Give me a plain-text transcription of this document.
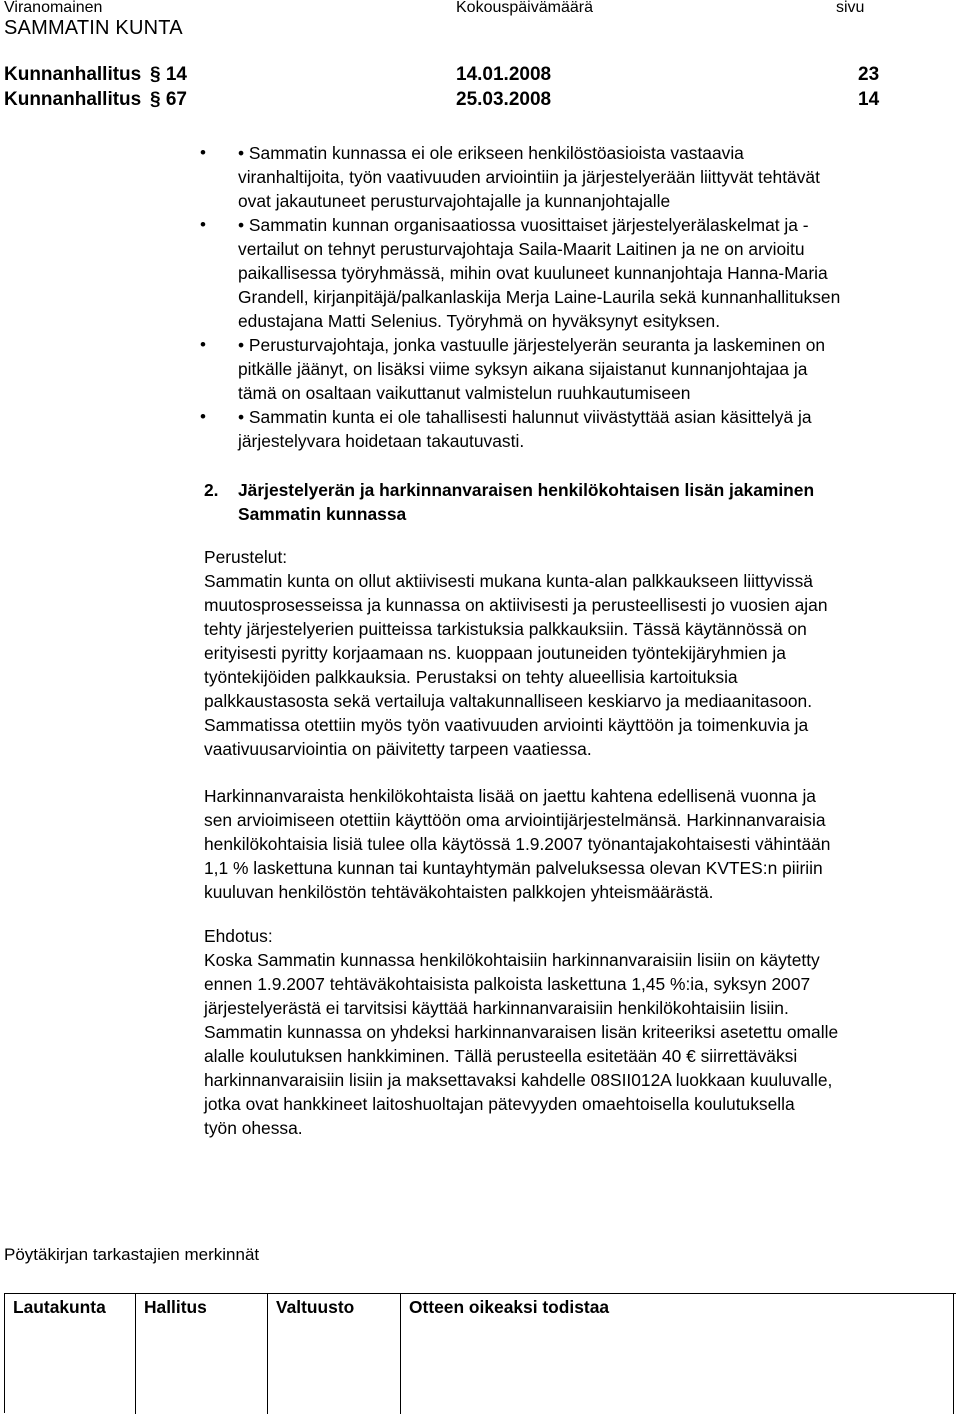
Viranomainen	Kokouspäivämäärä	sivu
SAMMATIN KUNTA
Kunnanhallitus § 14	14.01.2008	23
Kunnanhallitus § 67	25.03.2008	14
• • Sammatin kunnassa ei ole erikseen henkilöstöasioista vastaavia
viranhaltijoita, työn vaativuuden arviointiin ja järjestelyerään liittyvät tehtävät
ovat jakautuneet perusturvajohtajalle ja kunnanjohtajalle
• • Sammatin kunnan organisaatiossa vuosittaiset järjestelyerälaskelmat ja -
vertailut on tehnyt perusturvajohtaja Saila-Maarit Laitinen ja ne on arvioitu
paikallisessa työryhmässä, mihin ovat kuuluneet kunnanjohtaja Hanna-Maria
Grandell, kirjanpitäjä/palkanlaskija Merja Laine-Laurila sekä kunnanhallituksen
edustajana Matti Selenius. Työryhmä on hyväksynyt esityksen.
• • Perusturvajohtaja, jonka vastuulle järjestelyerän seuranta ja laskeminen on
pitkälle jäänyt, on lisäksi viime syksyn aikana sijaistanut kunnanjohtajaa ja
tämä on osaltaan vaikuttanut valmistelun ruuhkautumiseen
• • Sammatin kunta ei ole tahallisesti halunnut viivästyttää asian käsittelyä ja
järjestelyvara hoidetaan takautuvasti.
2. Järjestelyerän ja harkinnanvaraisen henkilökohtaisen lisän jakaminen
Sammatin kunnassa
Perustelut:
Sammatin kunta on ollut aktiivisesti mukana kunta-alan palkkaukseen liittyvissä
muutosprosesseissa ja kunnassa on aktiivisesti ja perusteellisesti jo vuosien ajan
tehty järjestelyerien puitteissa tarkistuksia palkkauksiin. Tässä käytännössä on
erityisesti pyritty korjaamaan ns. kuoppaan joutuneiden työntekijäryhmien ja
työntekijöiden palkkauksia. Perustaksi on tehty alueellisia kartoituksia
palkkaustasosta sekä vertailuja valtakunnalliseen keskiarvo ja mediaanitasoon.
Sammatissa otettiin myös työn vaativuuden arviointi käyttöön ja toimenkuvia ja
vaativuusarviointia on päivitetty tarpeen vaatiessa.
Harkinnanvaraista henkilökohtaista lisää on jaettu kahtena edellisenä vuonna ja
sen arvioimiseen otettiin käyttöön oma arviointijärjestelmänsä. Harkinnanvaraisia
henkilökohtaisia lisiä tulee olla käytössä 1.9.2007 työnantajakohtaisesti vähintään
1,1 % laskettuna kunnan tai kuntayhtymän palveluksessa olevan KVTES:n piiriin
kuuluvan henkilöstön tehtäväkohtaisten palkkojen yhteismäärästä.
Ehdotus:
Koska Sammatin kunnassa henkilökohtaisiin harkinnanvaraisiin lisiin on käytetty
ennen 1.9.2007 tehtäväkohtaisista palkoista laskettuna 1,45 %:ia, syksyn 2007
järjestelyerästä ei tarvitsisi käyttää harkinnanvaraisiin henkilökohtaisiin lisiin.
Sammatin kunnassa on yhdeksi harkinnanvaraisen lisän kriteeriksi asetettu omalle
alalle koulutuksen hankkiminen. Tällä perusteella esitetään 40 € siirrettäväksi
harkinnanvaraisiin lisiin ja maksettavaksi kahdelle 08SII012A luokkaan kuuluvalle,
jotka ovat hankkineet laitoshuoltajan pätevyyden omaehtoisella koulutuksella
työn ohessa.
Pöytäkirjan tarkastajien merkinnät
Lautakunta	Hallitus	Valtuusto	Otteen oikeaksi todistaa
